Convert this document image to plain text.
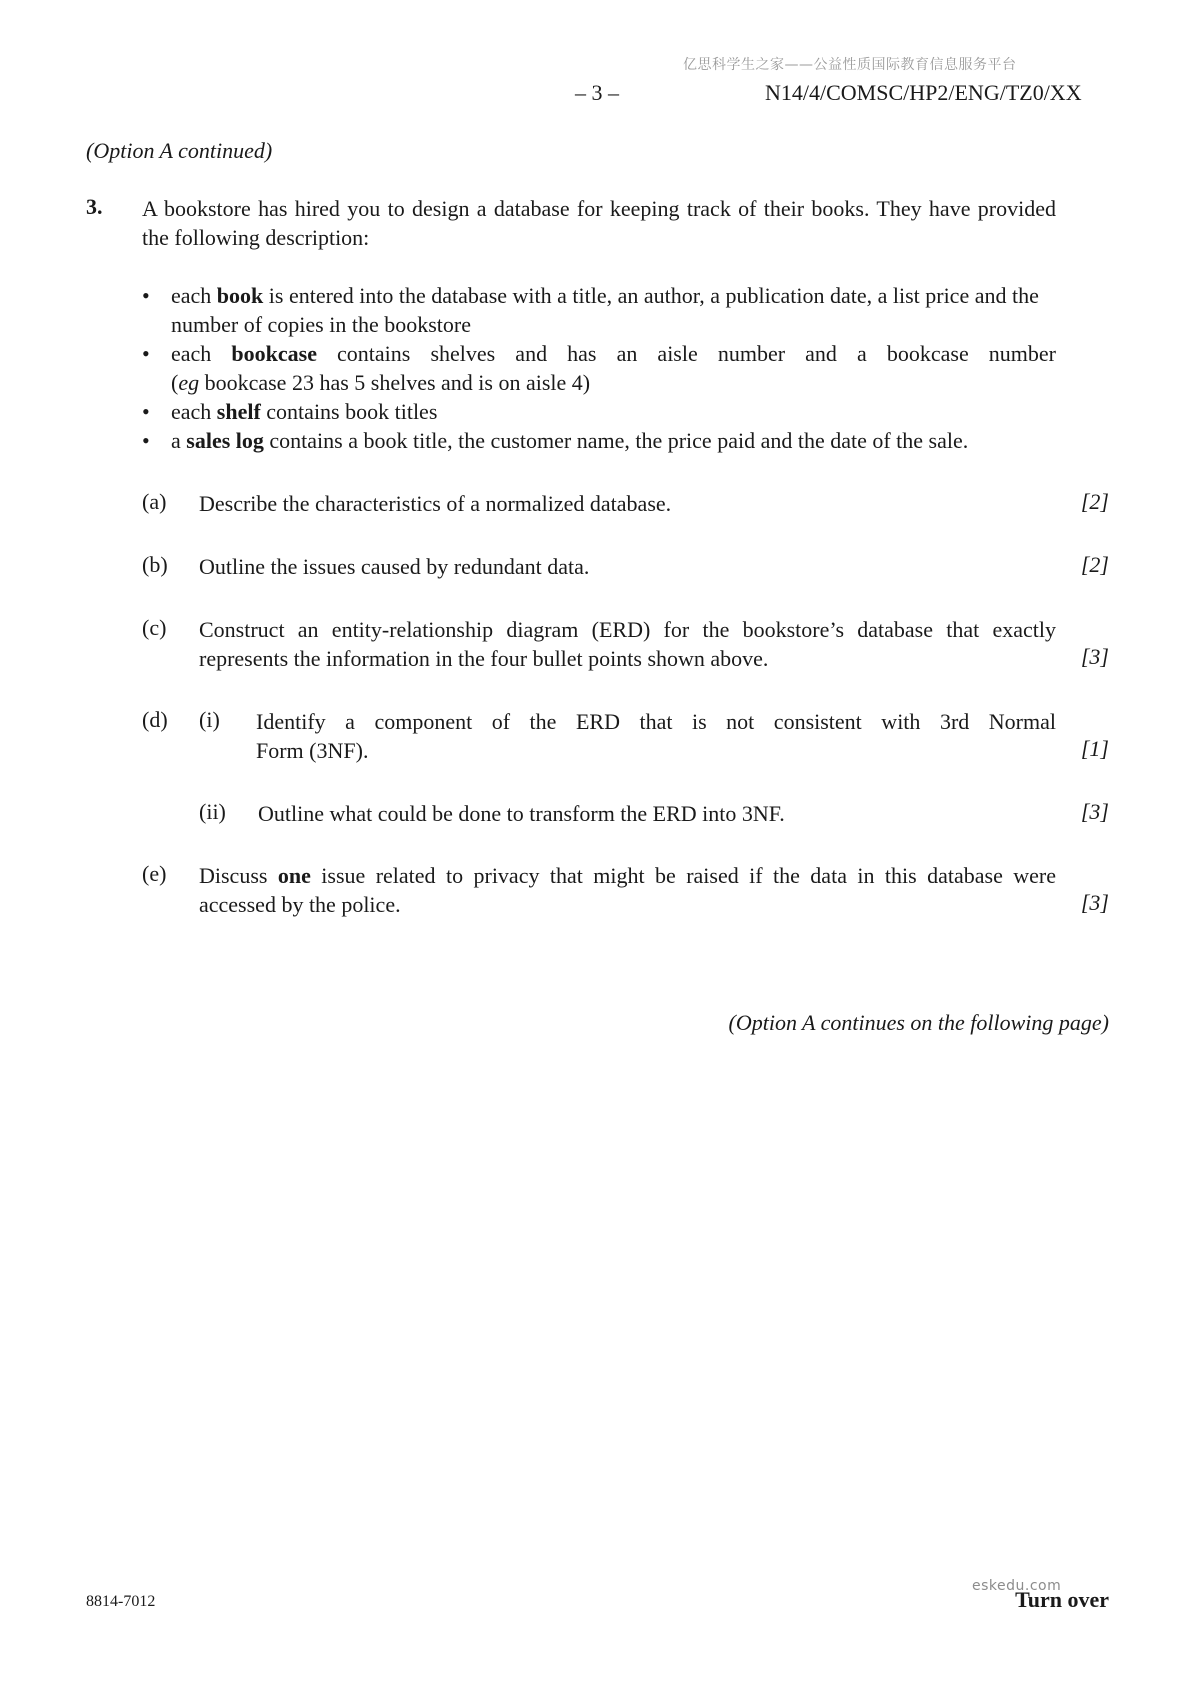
亿思科学生之家——公益性质国际教育信息服务平台
– 3 –	N14/4/COMSC/HP2/ENG/TZ0/XX
(Option A continued)
3. A bookstore has hired you to design a database for keeping track of their books. They have provided the following description:
• each book is entered into the database with a title, an author, a publication date, a list price and the number of copies in the bookstore
• each bookcase contains shelves and has an aisle number and a bookcase number
(eg bookcase 23 has 5 shelves and is on aisle 4)
• each shelf contains book titles
• a sales log contains a book title, the customer name, the price paid and the date of the sale.
(a) Describe the characteristics of a normalized database.	[2]
(b) Outline the issues caused by redundant data.	[2]
(c) Construct an entity-relationship diagram (ERD) for the bookstore’s database that exactly
represents the information in the four bullet points shown above.	[3]
(d) (i) Identify a component of the ERD that is not consistent with 3rd Normal
Form (3NF).	[1]
(ii) Outline what could be done to transform the ERD into 3NF.	[3]
(e) Discuss one issue related to privacy that might be raised if the data in this database were
accessed by the police.	[3]
(Option A continues on the following page)
8814-7012
eskedu.com
Turn over
